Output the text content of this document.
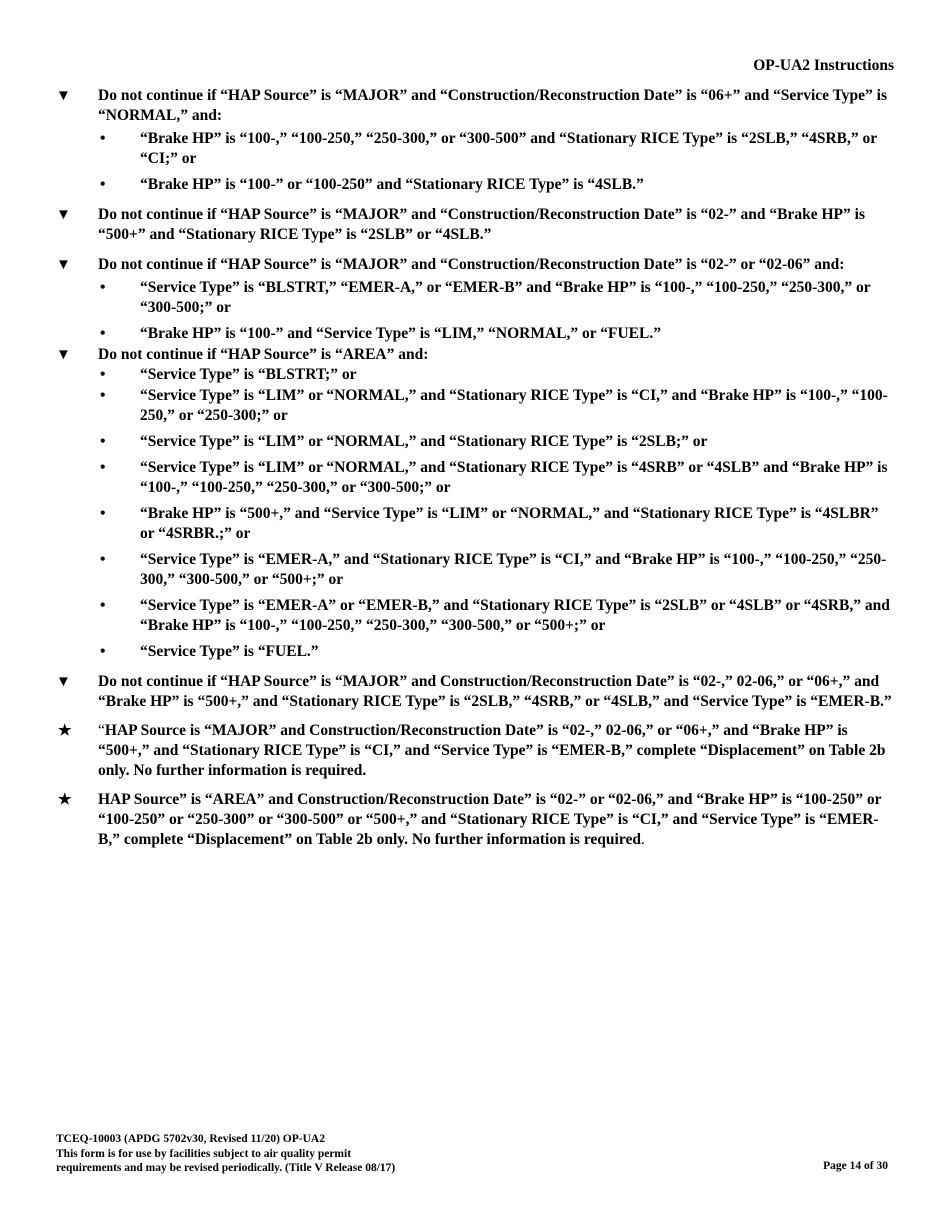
OP-UA2 Instructions
▼	Do not continue if “HAP Source” is “MAJOR” and “Construction/Reconstruction Date” is “06+” and “Service Type” is “NORMAL,” and:
• “Brake HP” is “100-,” “100-250,” “250-300,” or “300-500” and “Stationary RICE Type” is “2SLB,” “4SRB,” or “CI;” or
• “Brake HP” is “100-” or “100-250” and “Stationary RICE Type” is “4SLB.”
▼	Do not continue if “HAP Source” is “MAJOR” and “Construction/Reconstruction Date” is “02-” and “Brake HP” is “500+” and “Stationary RICE Type” is “2SLB” or “4SLB.”
▼	Do not continue if “HAP Source” is “MAJOR” and “Construction/Reconstruction Date” is “02-” or “02-06” and:
• “Service Type” is “BLSTRT,” “EMER-A,” or “EMER-B” and “Brake HP” is “100-,” “100-250,” “250-300,” or “300-500;” or
• “Brake HP” is “100-” and “Service Type” is “LIM,” “NORMAL,” or “FUEL.”
▼	Do not continue if “HAP Source” is “AREA” and:
• “Service Type” is “BLSTRT;” or
• “Service Type” is “LIM” or “NORMAL,” and “Stationary RICE Type” is “CI,” and “Brake HP” is “100-,” “100-250,” or “250-300;” or
• “Service Type” is “LIM” or “NORMAL,” and “Stationary RICE Type” is “2SLB;” or
• “Service Type” is “LIM” or “NORMAL,” and “Stationary RICE Type” is “4SRB” or “4SLB” and “Brake HP” is “100-,” “100-250,” “250-300,” or “300-500;” or
• “Brake HP” is “500+,” and “Service Type” is “LIM” or “NORMAL,” and “Stationary RICE Type” is “4SLBR” or “4SRBR.;” or
• “Service Type” is “EMER-A,” and “Stationary RICE Type” is “CI,” and “Brake HP” is “100-,” “100-250,” “250-300,” “300-500,” or “500+;” or
• “Service Type” is “EMER-A” or “EMER-B,” and “Stationary RICE Type” is “2SLB” or “4SLB” or “4SRB,” and “Brake HP” is “100-,” “100-250,” “250-300,” “300-500,” or “500+;” or
• “Service Type” is “FUEL.”
▼	Do not continue if “HAP Source” is “MAJOR” and Construction/Reconstruction Date” is “02-,” 02-06,” or “06+,” and “Brake HP” is “500+,” and “Stationary RICE Type” is “2SLB,” “4SRB,” or “4SLB,” and “Service Type” is “EMER-B.”
★	“HAP Source is “MAJOR” and Construction/Reconstruction Date” is “02-,” 02-06,” or “06+,” and “Brake HP” is “500+,” and “Stationary RICE Type” is “CI,” and “Service Type” is “EMER-B,” complete “Displacement” on Table 2b only. No further information is required.
★	HAP Source” is “AREA” and Construction/Reconstruction Date” is “02-” or “02-06,” and “Brake HP” is “100-250” or “100-250” or “250-300” or “300-500” or “500+,” and “Stationary RICE Type” is “CI,” and “Service Type” is “EMER-B,” complete “Displacement” on Table 2b only. No further information is required.
TCEQ-10003 (APDG 5702v30, Revised 11/20) OP-UA2
This form is for use by facilities subject to air quality permit
requirements and may be revised periodically. (Title V Release 08/17)	Page 14 of 30
